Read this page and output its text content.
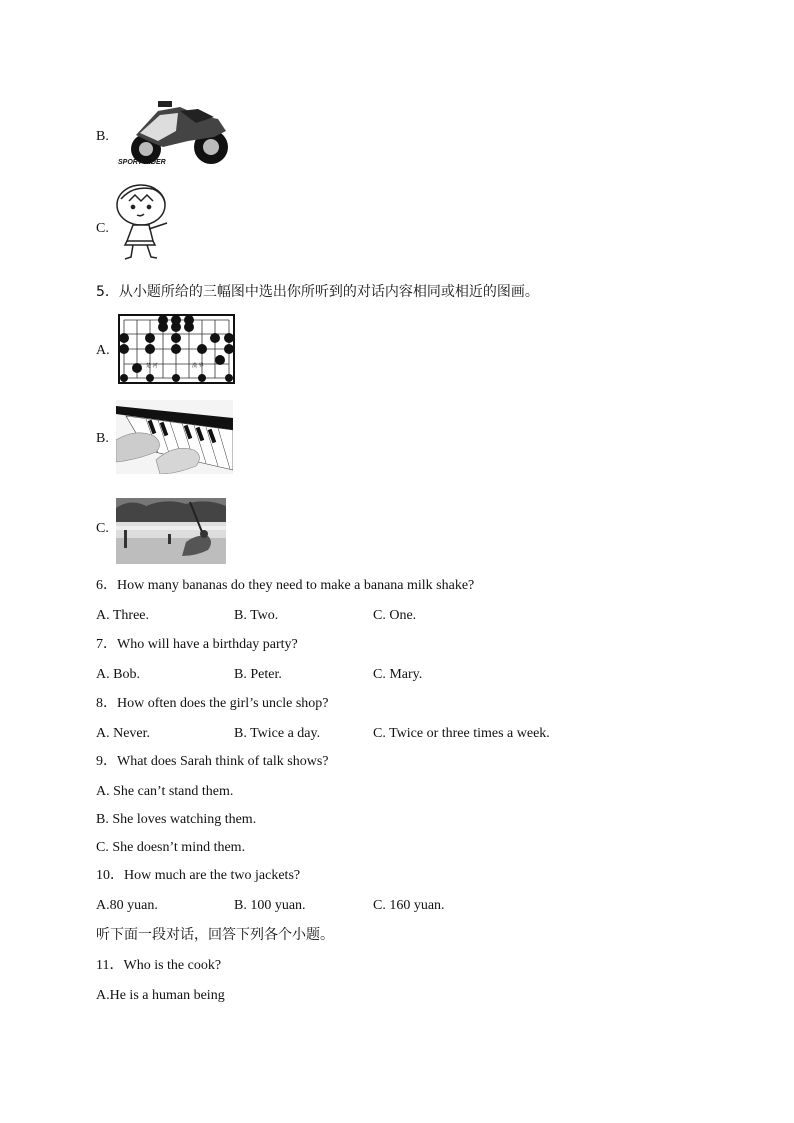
B.
SPORT RIDER
C.
5．从小题所给的三幅图中选出你所听到的对话内容相同或相近的图画。
A.
楚 河	漢 界
B.
C.
6．How many bananas do they need to make a banana milk shake?
A. Three.	B. Two.	C. One.
7．Who will have a birthday party?
A. Bob.	B. Peter.	C. Mary.
8．How often does the girl’s uncle shop?
A. Never.	B. Twice a day.	C. Twice or three times a week.
9．What does Sarah think of talk shows?
A. She can’t stand them.
B. She loves watching them.
C. She doesn’t mind them.
10．How much are the two jackets?
A.80 yuan.	B. 100 yuan.	C. 160 yuan.
听下面一段对话，回答下列各个小题。
11．Who is the cook?
A.He is a human being
